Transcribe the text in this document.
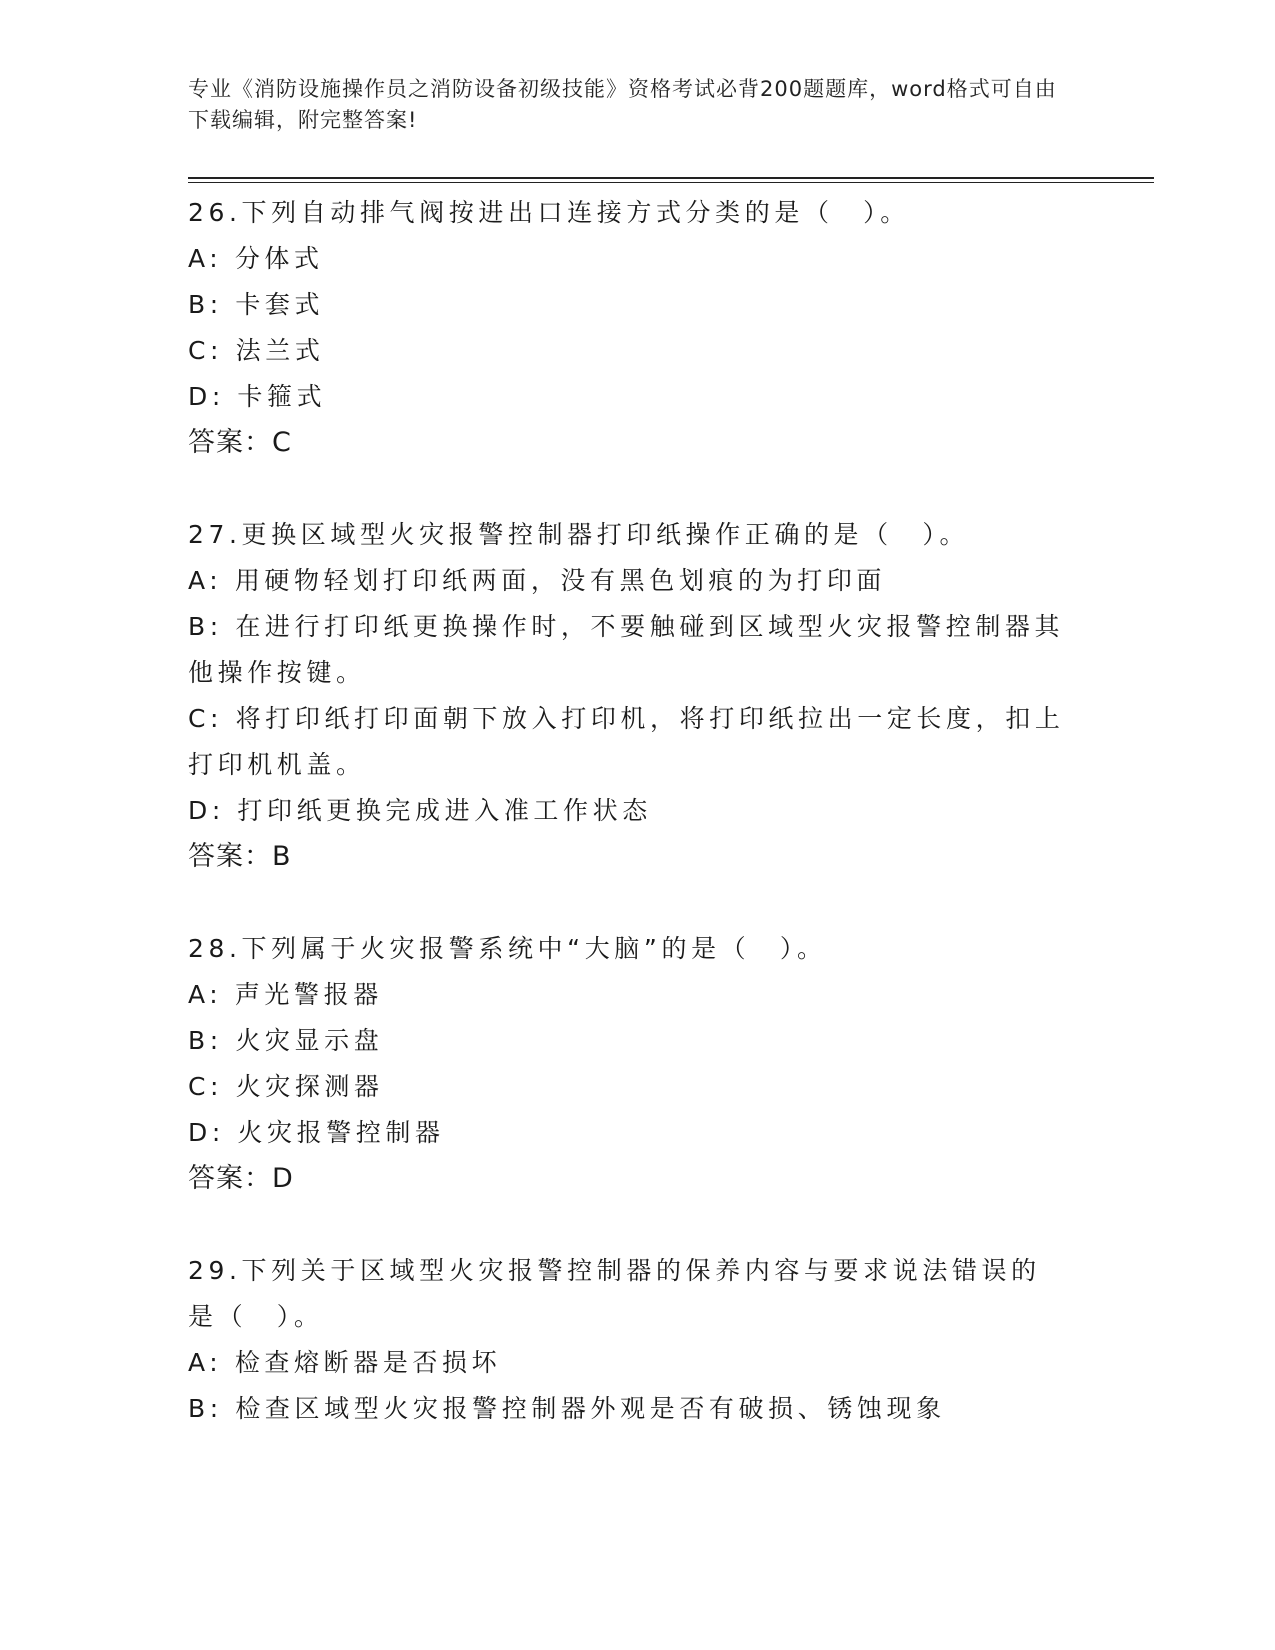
专业《消防设施操作员之消防设备初级技能》资格考试必背200题题库，word格式可自由下载编辑，附完整答案!
26.下列自动排气阀按进出口连接方式分类的是（　）。
A: 分体式
B: 卡套式
C: 法兰式
D: 卡箍式
答案：C
27.更换区域型火灾报警控制器打印纸操作正确的是（　）。
A: 用硬物轻划打印纸两面，没有黑色划痕的为打印面
B: 在进行打印纸更换操作时，不要触碰到区域型火灾报警控制器其他操作按键。
C: 将打印纸打印面朝下放入打印机，将打印纸拉出一定长度，扣上打印机机盖。
D: 打印纸更换完成进入准工作状态
答案：B
28.下列属于火灾报警系统中“大脑”的是（　）。
A: 声光警报器
B: 火灾显示盘
C: 火灾探测器
D: 火灾报警控制器
答案：D
29.下列关于区域型火灾报警控制器的保养内容与要求说法错误的是（　）。
A: 检查熔断器是否损坏
B: 检查区域型火灾报警控制器外观是否有破损、锈蚀现象
